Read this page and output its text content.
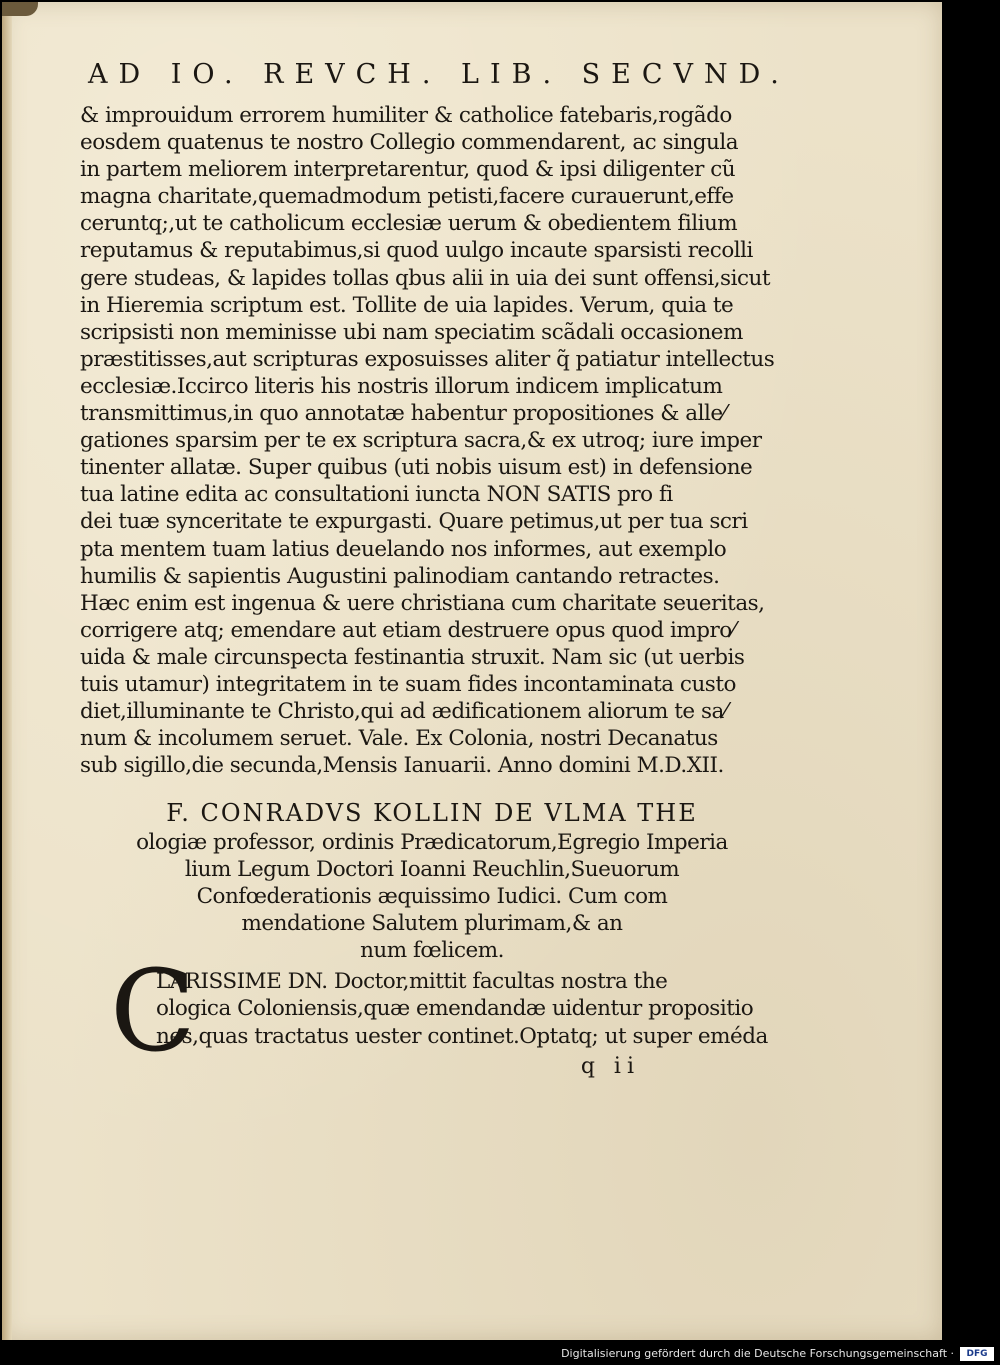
AD IO. REVCH. LIB. SECVND.
& improuidum errorem humiliter & catholice fatebaris,rogãdo
eosdem quatenus te nostro Collegio commendarent, ac singula
in partem meliorem interpretarentur, quod & ipsi diligenter cũ
magna charitate,quemadmodum petisti,facere curauerunt,effe
ceruntq;,ut te catholicum ecclesiæ uerum & obedientem filium
reputamus & reputabimus,si quod uulgo incaute sparsisti recolli
gere studeas, & lapides tollas qbus alii in uia dei sunt offensi,sicut
in Hieremia scriptum est. Tollite de uia lapides. Verum, quia te
scripsisti non meminisse ubi nam speciatim scãdali occasionem
præstitisses,aut scripturas exposuisses aliter q̃ patiatur intellectus
ecclesiæ.Iccirco literis his nostris illorum indicem implicatum
transmittimus,in quo annotatæ habentur propositiones & alle⁄
gationes sparsim per te ex scriptura sacra,& ex utroq; iure imper
tinenter allatæ. Super quibus (uti nobis uisum est) in defensione
tua latine edita ac consultationi iuncta NON SATIS pro fi
dei tuæ synceritate te expurgasti. Quare petimus,ut per tua scri
pta mentem tuam latius deuelando nos informes, aut exemplo
humilis & sapientis Augustini palinodiam cantando retractes.
Hæc enim est ingenua & uere christiana cum charitate seueritas,
corrigere atq; emendare aut etiam destruere opus quod impro⁄
uida & male circunspecta festinantia struxit. Nam sic (ut uerbis
tuis utamur) integritatem in te suam fides incontaminata custo
diet,illuminante te Christo,qui ad ædificationem aliorum te sa⁄
num & incolumem seruet. Vale. Ex Colonia, nostri Decanatus
sub sigillo,die secunda,Mensis Ianuarii. Anno domini M.D.XII.
F. CONRADVS KOLLIN DE VLMA THE
ologiæ professor, ordinis Prædicatorum,Egregio Imperia
lium Legum Doctori Ioanni Reuchlin,Sueuorum
Confœderationis æquissimo Iudici. Cum com
mendatione Salutem plurimam,& an
num fœlicem.
C
LARISSIME DN. Doctor,mittit facultas nostra the
ologica Coloniensis,quæ emendandæ uidentur propositio
nes,quas tractatus uester continet.Optatq; ut super eméda
q ii
Digitalisierung gefördert durch die Deutsche Forschungsgemeinschaft ·	DFG
